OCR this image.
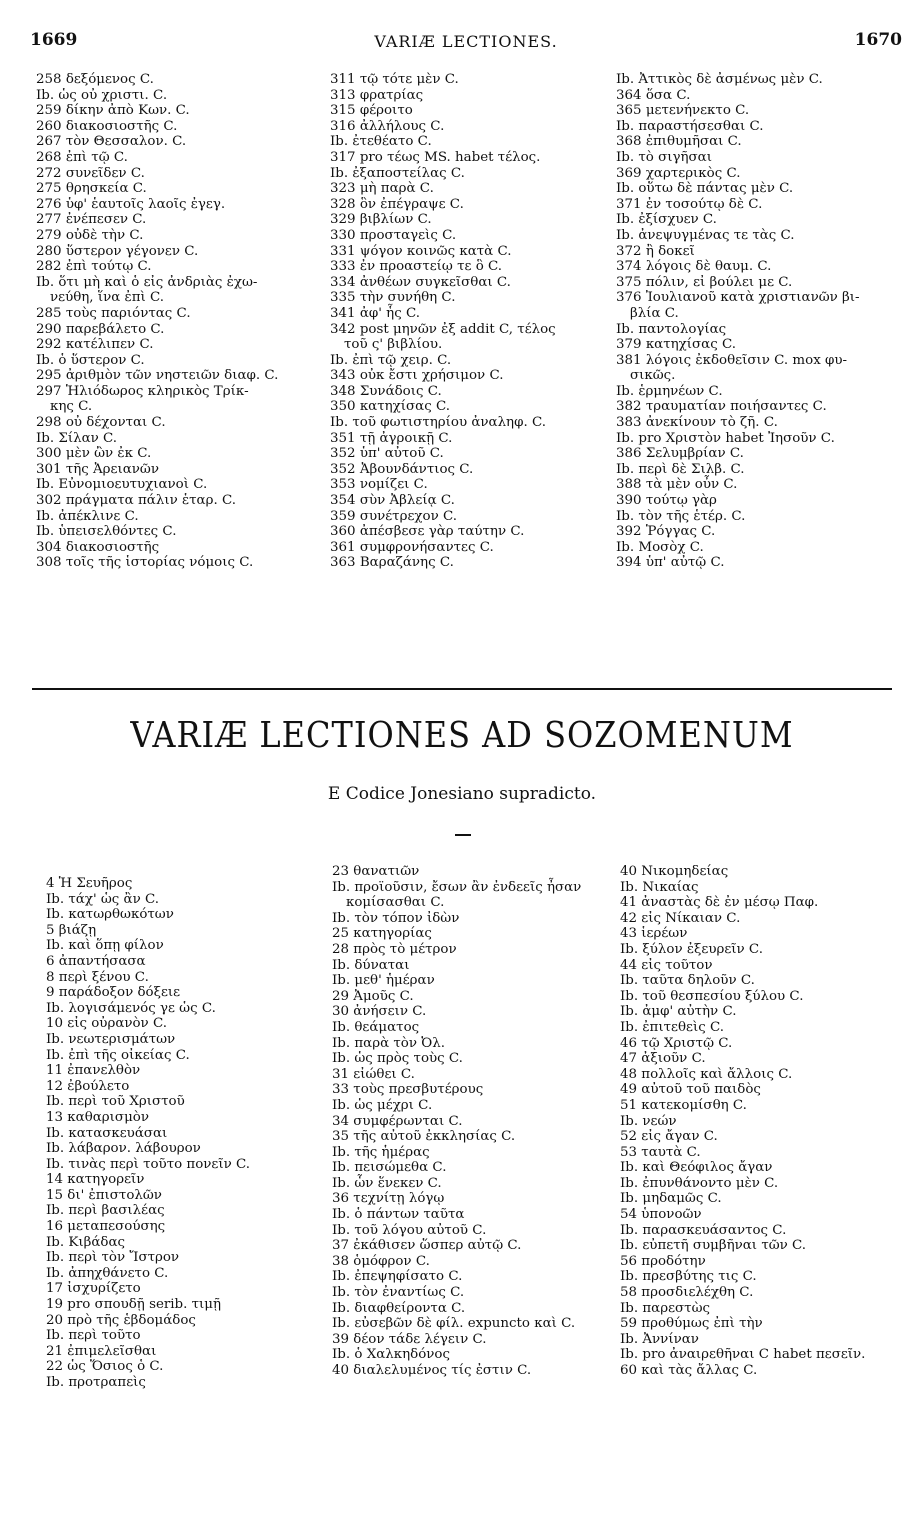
1669	VARIÆ LECTIONES.	1670
258 δεξόμενος C.
Ib. ὡς οὐ χριστι. C.
259 δίκην ἀπὸ Κων. C.
260 διακοσιοστῆς C.
267 τὸν Θεσσαλον. C.
268 ἐπὶ τῷ C.
272 συνεῖδεν C.
275 θρησκεία C.
276 ὑφ' ἑαυτοῖς λαοῖς ἐγεγ.
277 ἐνέπεσεν C.
279 οὐδὲ τὴν C.
280 ὕστερον γέγονεν C.
282 ἐπὶ τούτῳ C.
Ib. ὅτι μὴ καὶ ὁ εἰς ἀνδριὰς ἐχω-
νεύθη, ἵνα ἐπὶ C.
285 τοὺς παριόντας C.
290 παρεβάλετο C.
292 κατέλιπεν C.
Ib. ὁ ὕστερον C.
295 ἀριθμὸν τῶν νηστειῶν διαφ. C.
297 Ἡλιόδωρος κληρικὸς Τρίκ-
κης C.
298 οὐ δέχονται C.
Ib. Σίλαν C.
300 μὲν ὢν ἐκ C.
301 τῆς Ἀρειανῶν
Ib. Εὐνομιοευτυχιανοὶ C.
302 πράγματα πάλιν ἑταρ. C.
Ib. ἀπέκλινε C.
Ib. ὑπεισελθόντες C.
304 διακοσιοστῆς
308 τοῖς τῆς ἱστορίας νόμοις C.
311 τῷ τότε μὲν C.
313 φρατρίας
315 φέροιτο
316 ἀλλήλους C.
Ib. ἐτεθέατο C.
317 pro τέως MS. habet τέλος.
Ib. ἐξαποστείλας C.
323 μὴ παρὰ C.
328 ὃν ἐπέγραψε C.
329 βιβλίων C.
330 προσταγεὶς C.
331 ψόγον κοινῶς κατὰ C.
333 ἐν προαστείῳ τε ὃ C.
334 ἀνθέων συγκεῖσθαι C.
335 τὴν συνήθη C.
341 ἀφ' ἧς C.
342 post μηνῶν ἐξ addit C, τέλος
τοῦ ς' βιβλίου.
Ib. ἐπὶ τῷ χειρ. C.
343 οὐκ ἔστι χρήσιμον C.
348 Συνάδοις C.
350 κατηχίσας C.
Ib. τοῦ φωτιστηρίου ἀναληφ. C.
351 τῇ ἀγροικῇ C.
352 ὑπ' αὐτοῦ C.
352 Ἀβουνδάντιος C.
353 νομίζει C.
354 σὺν Ἀβλείᾳ C.
359 συνέτρεχον C.
360 ἀπέσβεσε γὰρ ταύτην C.
361 συμφρονήσαντες C.
363 Βαραζάνης C.
Ib. Ἀττικὸς δὲ ἀσμένως μὲν C.
364 ὅσα C.
365 μετενήνεκτο C.
Ib. παραστήσεσθαι C.
368 ἐπιθυμῆσαι C.
Ib. τὸ σιγῆσαι
369 χαρτερικὸς C.
Ib. οὕτω δὲ πάντας μὲν C.
371 ἐν τοσούτῳ δὲ C.
Ib. ἐξίσχυεν C.
Ib. ἀνεψυγμένας τε τὰς C.
372 ἢ δοκεῖ
374 λόγοις δὲ θαυμ. C.
375 πόλιν, εἰ βούλει με C.
376 Ἰουλιανοῦ κατὰ χριστιανῶν βι-
βλία C.
Ib. παντολογίας
379 κατηχίσας C.
381 λόγοις ἐκδοθεῖσιν C. mox φυ-
σικῶς.
Ib. ἑρμηνέων C.
382 τραυματίαν ποιήσαντες C.
383 ἀνεκίνουν τὸ ζῆ. C.
Ib. pro Χριστὸν habet Ἰησοῦν C.
386 Σελυμβρίαν C.
Ib. περὶ δὲ Σιλβ. C.
388 τὰ μὲν οὖν C.
390 τούτῳ γὰρ
Ib. τὸν τῆς ἑτέρ. C.
392 Ῥόγγας C.
Ib. Μοσὸχ C.
394 ὑπ' αὐτῷ C.
VARIÆ LECTIONES AD SOZOMENUM
E Codice Jonesiano supradicto.
4 Ἡ Σευῆρος
Ib. τάχ' ὡς ἂν C.
Ib. κατωρθωκότων
5 βιάζῃ
Ib. καὶ ὅπῃ φίλον
6 ἀπαντήσασα
8 περὶ ξένου C.
9 παράδοξον δόξειε
Ib. λογισάμενός γε ὡς C.
10 εἰς οὐρανὸν C.
Ib. νεωτερισμάτων
Ib. ἐπὶ τῆς οἰκείας C.
11 ἐπανελθὸν
12 ἐβούλετο
Ib. περὶ τοῦ Χριστοῦ
13 καθαρισμὸν
Ib. κατασκευάσαι
Ib. λάβαρον. λάβουρον
Ib. τινὰς περὶ τοῦτο πονεῖν C.
14 κατηγορεῖν
15 δι' ἐπιστολῶν
Ib. περὶ βασιλέας
16 μεταπεσούσης
Ib. Κιβάδας
Ib. περὶ τὸν Ἴστρον
Ib. ἀπηχθάνετο C.
17 ἰσχυρίζετο
19 pro σπουδῇ serib. τιμῇ
20 πρὸ τῆς ἑβδομάδος
Ib. περὶ τοῦτο
21 ἐπιμελεῖσθαι
22 ὡς Ὅσιος ὁ C.
Ib. προτραπεὶς
23 θανατιῶν
Ib. προϊοῦσιν, ἔσων ἂν ἐνδεεῖς ἦσαν
κομίσασθαι C.
Ib. τὸν τόπον ἰδὼν
25 κατηγορίας
28 πρὸς τὸ μέτρον
Ib. δύναται
Ib. μεθ' ἡμέραν
29 Ἀμοῦς C.
30 ἀνήσειν C.
Ib. θεάματος
Ib. παρὰ τὸν Ὀλ.
Ib. ὡς πρὸς τοὺς C.
31 εἰώθει C.
33 τοὺς πρεσβυτέρους
Ib. ὡς μέχρι C.
34 συμφέρωνται C.
35 τῆς αὐτοῦ ἐκκλησίας C.
Ib. τῆς ἡμέρας
Ib. πεισώμεθα C.
Ib. ὧν ἕνεκεν C.
36 τεχνίτῃ λόγῳ
Ib. ὁ πάντων ταῦτα
Ib. τοῦ λόγου αὐτοῦ C.
37 ἐκάθισεν ὥσπερ αὐτῷ C.
38 ὁμόφρον C.
Ib. ἐπεψηφίσατο C.
Ib. τὸν ἐναντίως C.
Ib. διαφθείροντα C.
Ib. εὐσεβῶν δὲ φίλ. expuncto καὶ C.
39 δέον τάδε λέγειν C.
Ib. ὁ Χαλκηδόνος
40 διαλελυμένος τίς ἐστιν C.
40 Νικομηδείας
Ib. Νικαίας
41 ἀναστὰς δὲ ἐν μέσῳ Παφ.
42 εἰς Νίκαιαν C.
43 ἱερέων
Ib. ξύλον ἐξευρεῖν C.
44 εἰς τοῦτον
Ib. ταῦτα δηλοῦν C.
Ib. τοῦ θεσπεσίου ξύλου C.
Ib. ἀμφ' αὐτὴν C.
Ib. ἐπιτεθεὶς C.
46 τῷ Χριστῷ C.
47 ἀξιοῦν C.
48 πολλοῖς καὶ ἄλλοις C.
49 αὐτοῦ τοῦ παιδὸς
51 κατεκομίσθη C.
Ib. νεών
52 εἰς ἄγαν C.
53 ταυτὰ C.
Ib. καὶ Θεόφιλος ἄγαν
Ib. ἐπυνθάνοντο μὲν C.
Ib. μηδαμῶς C.
54 ὑπονοῶν
Ib. παρασκευάσαντος C.
Ib. εὐπετῆ συμβῆναι τῶν C.
56 προδότην
Ib. πρεσβύτης τις C.
58 προσδιελέχθη C.
Ib. παρεστὼς
59 προθύμως ἐπὶ τὴν
Ib. Ἀννίναν
Ib. pro ἀναιρεθῆναι C habet πεσεῖν.
60 καὶ τὰς ἄλλας C.
